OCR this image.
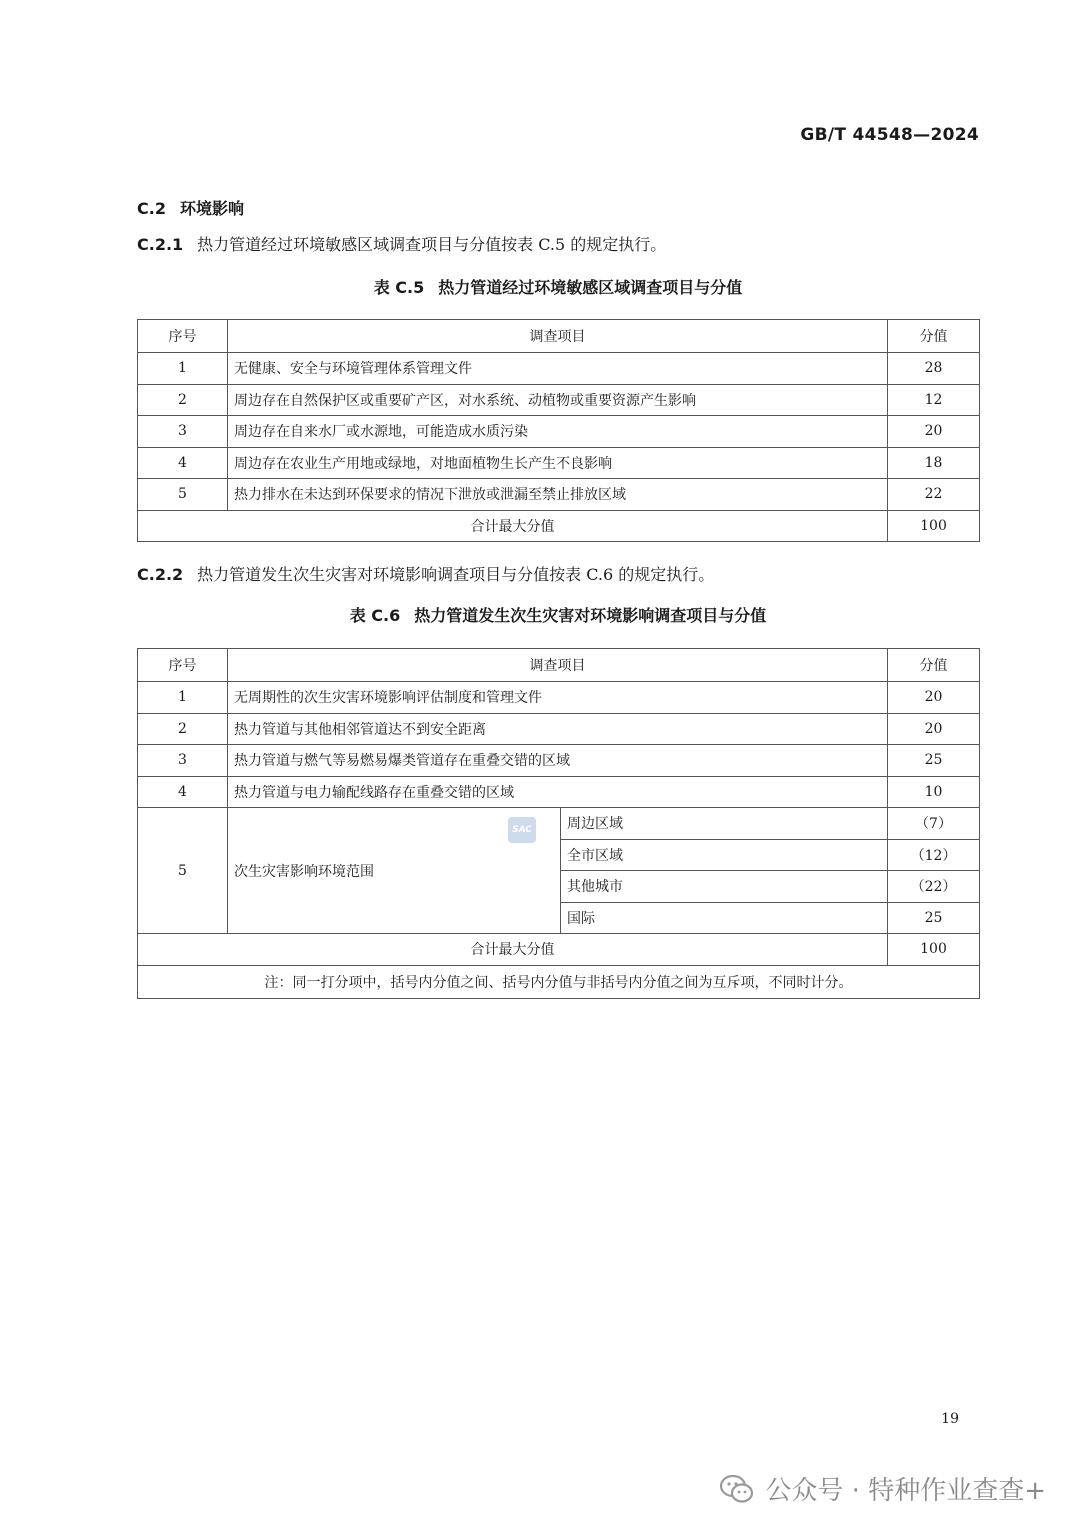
GB/T 44548—2024
C.2 环境影响
C.2.1 热力管道经过环境敏感区域调查项目与分值按表 C.5 的规定执行。
表 C.5 热力管道经过环境敏感区域调查项目与分值
序号	调查项目	分值
1	无健康、安全与环境管理体系管理文件	28
2	周边存在自然保护区或重要矿产区，对水系统、动植物或重要资源产生影响	12
3	周边存在自来水厂或水源地，可能造成水质污染	20
4	周边存在农业生产用地或绿地，对地面植物生长产生不良影响	18
5	热力排水在未达到环保要求的情况下泄放或泄漏至禁止排放区域	22
合计最大分值		100
C.2.2 热力管道发生次生灾害对环境影响调查项目与分值按表 C.6 的规定执行。
表 C.6 热力管道发生次生灾害对环境影响调查项目与分值
序号	调查项目		分值
1	无周期性的次生灾害环境影响评估制度和管理文件		20
2	热力管道与其他相邻管道达不到安全距离		20
3	热力管道与燃气等易燃易爆类管道存在重叠交错的区域		25
4	热力管道与电力输配线路存在重叠交错的区域		10
5	次生灾害影响环境范围	周边区域	（7）
		全市区域	（12）
		其他城市	（22）
		国际	25
合计最大分值			100
注：同一打分项中，括号内分值之间、括号内分值与非括号内分值之间为互斥项，不同时计分。			
SAC
19
公众号 · 特种作业查查+
